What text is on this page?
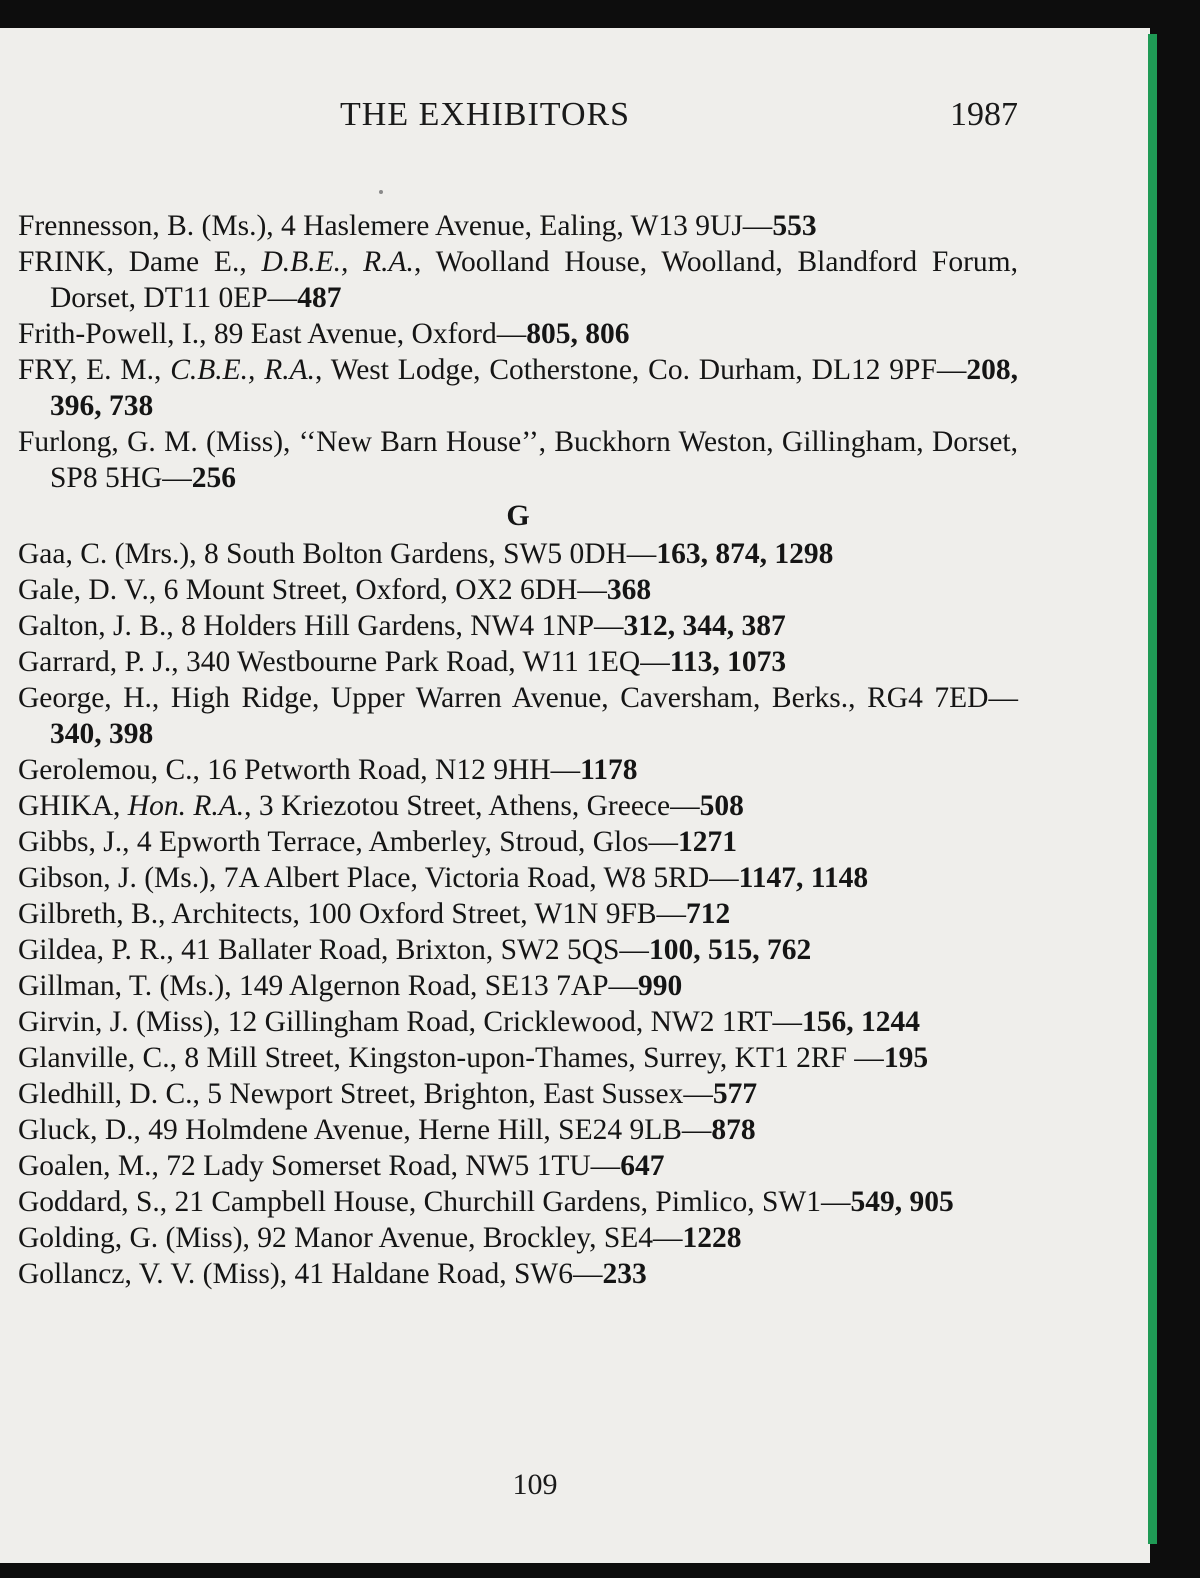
THE EXHIBITORS	1987

Frennesson, B. (Ms.), 4 Haslemere Avenue, Ealing, W13 9UJ—553

FRINK, Dame E., D.B.E., R.A., Woolland House, Woolland, Blandford Forum, Dorset, DT11 0EP—487

Frith-Powell, I., 89 East Avenue, Oxford—805, 806

FRY, E. M., C.B.E., R.A., West Lodge, Cotherstone, Co. Durham, DL12 9PF—208, 396, 738

Furlong, G. M. (Miss), ‘‘New Barn House’’, Buckhorn Weston, Gillingham, Dorset, SP8 5HG—256

G

Gaa, C. (Mrs.), 8 South Bolton Gardens, SW5 0DH—163, 874, 1298

Gale, D. V., 6 Mount Street, Oxford, OX2 6DH—368

Galton, J. B., 8 Holders Hill Gardens, NW4 1NP—312, 344, 387

Garrard, P. J., 340 Westbourne Park Road, W11 1EQ—113, 1073

George, H., High Ridge, Upper Warren Avenue, Caversham, Berks., RG4 7ED—340, 398

Gerolemou, C., 16 Petworth Road, N12 9HH—1178

GHIKA, Hon. R.A., 3 Kriezotou Street, Athens, Greece—508

Gibbs, J., 4 Epworth Terrace, Amberley, Stroud, Glos—1271

Gibson, J. (Ms.), 7A Albert Place, Victoria Road, W8 5RD—1147, 1148

Gilbreth, B., Architects, 100 Oxford Street, W1N 9FB—712

Gildea, P. R., 41 Ballater Road, Brixton, SW2 5QS—100, 515, 762

Gillman, T. (Ms.), 149 Algernon Road, SE13 7AP—990

Girvin, J. (Miss), 12 Gillingham Road, Cricklewood, NW2 1RT—156, 1244

Glanville, C., 8 Mill Street, Kingston-upon-Thames, Surrey, KT1 2RF —195

Gledhill, D. C., 5 Newport Street, Brighton, East Sussex—577

Gluck, D., 49 Holmdene Avenue, Herne Hill, SE24 9LB—878

Goalen, M., 72 Lady Somerset Road, NW5 1TU—647

Goddard, S., 21 Campbell House, Churchill Gardens, Pimlico, SW1—549, 905

Golding, G. (Miss), 92 Manor Avenue, Brockley, SE4—1228

Gollancz, V. V. (Miss), 41 Haldane Road, SW6—233

109
